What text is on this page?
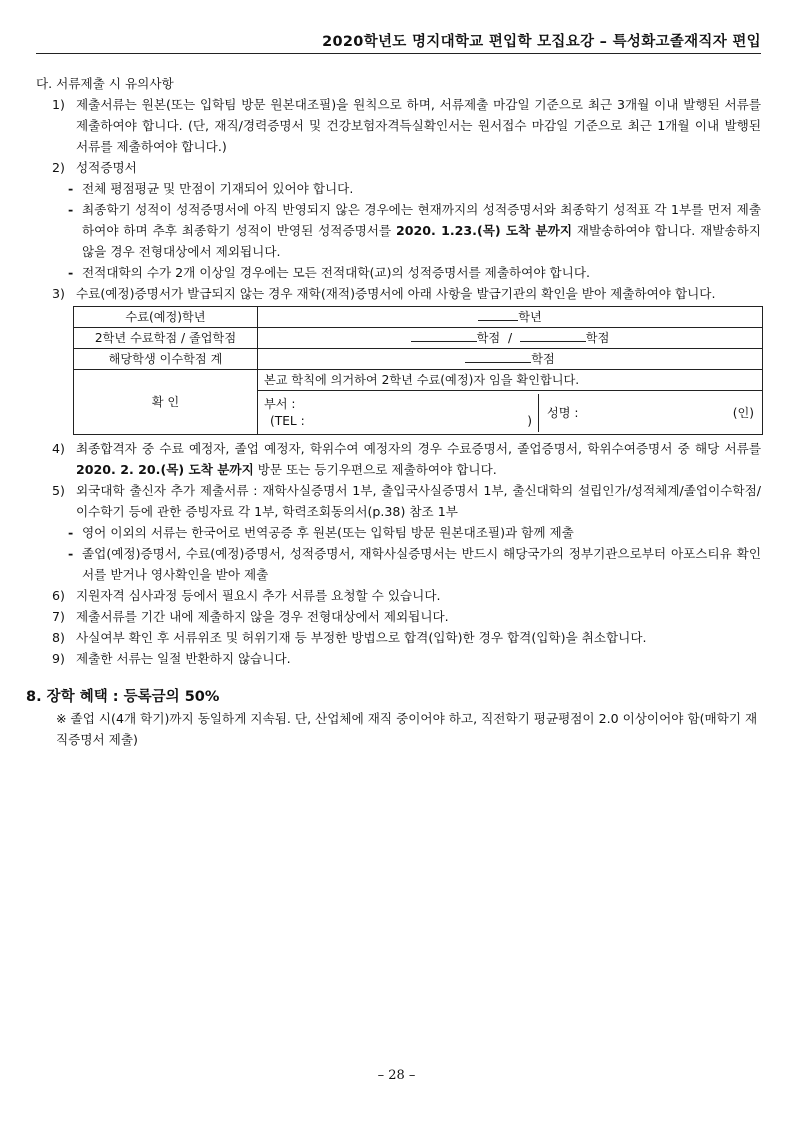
2020학년도 명지대학교 편입학 모집요강 – 특성화고졸재직자 편입
다. 서류제출 시 유의사항
1) 제출서류는 원본(또는 입학팀 방문 원본대조필)을 원칙으로 하며, 서류제출 마감일 기준으로 최근 3개월 이내 발행된 서류를 제출하여야 합니다. (단, 재직/경력증명서 및 건강보험자격득실확인서는 원서접수 마감일 기준으로 최근 1개월 이내 발행된 서류를 제출하여야 합니다.)
2) 성적증명서
- 전체 평점평균 및 만점이 기재되어 있어야 합니다.
- 최종학기 성적이 성적증명서에 아직 반영되지 않은 경우에는 현재까지의 성적증명서와 최종학기 성적표 각 1부를 먼저 제출하여야 하며 추후 최종학기 성적이 반영된 성적증명서를 2020. 1.23.(목) 도착 분까지 재발송하여야 합니다. 재발송하지 않을 경우 전형대상에서 제외됩니다.
- 전적대학의 수가 2개 이상일 경우에는 모든 전적대학(교)의 성적증명서를 제출하여야 합니다.
3) 수료(예정)증명서가 발급되지 않는 경우 재학(재적)증명서에 아래 사항을 발급기관의 확인을 받아 제출하여야 합니다.
수료(예정)학년	학년
2학년 수료학점 / 졸업학점	학점 / 학점
해당학생 이수학점 계	학점
확 인	본교 학칙에 의거하여 2학년 수료(예정)자 임을 확인합니다.

	부서 :
(TEL : )
성명 : (인)
4) 최종합격자 중 수료 예정자, 졸업 예정자, 학위수여 예정자의 경우 수료증명서, 졸업증명서, 학위수여증명서 중 해당 서류를 2020. 2. 20.(목) 도착 분까지 방문 또는 등기우편으로 제출하여야 합니다.
5) 외국대학 출신자 추가 제출서류 : 재학사실증명서 1부, 출입국사실증명서 1부, 출신대학의 설립인가/성적체계/졸업이수학점/이수학기 등에 관한 증빙자료 각 1부, 학력조회동의서(p.38) 참조 1부
- 영어 이외의 서류는 한국어로 번역공증 후 원본(또는 입학팀 방문 원본대조필)과 함께 제출
- 졸업(예정)증명서, 수료(예정)증명서, 성적증명서, 재학사실증명서는 반드시 해당국가의 정부기관으로부터 아포스티유 확인서를 받거나 영사확인을 받아 제출
6) 지원자격 심사과정 등에서 필요시 추가 서류를 요청할 수 있습니다.
7) 제출서류를 기간 내에 제출하지 않을 경우 전형대상에서 제외됩니다.
8) 사실여부 확인 후 서류위조 및 허위기재 등 부정한 방법으로 합격(입학)한 경우 합격(입학)을 취소합니다.
9) 제출한 서류는 일절 반환하지 않습니다.
8. 장학 혜택 : 등록금의 50%
※ 졸업 시(4개 학기)까지 동일하게 지속됨. 단, 산업체에 재직 중이어야 하고, 직전학기 평균평점이 2.0 이상이어야 함(매학기 재직증명서 제출)
– 28 –
